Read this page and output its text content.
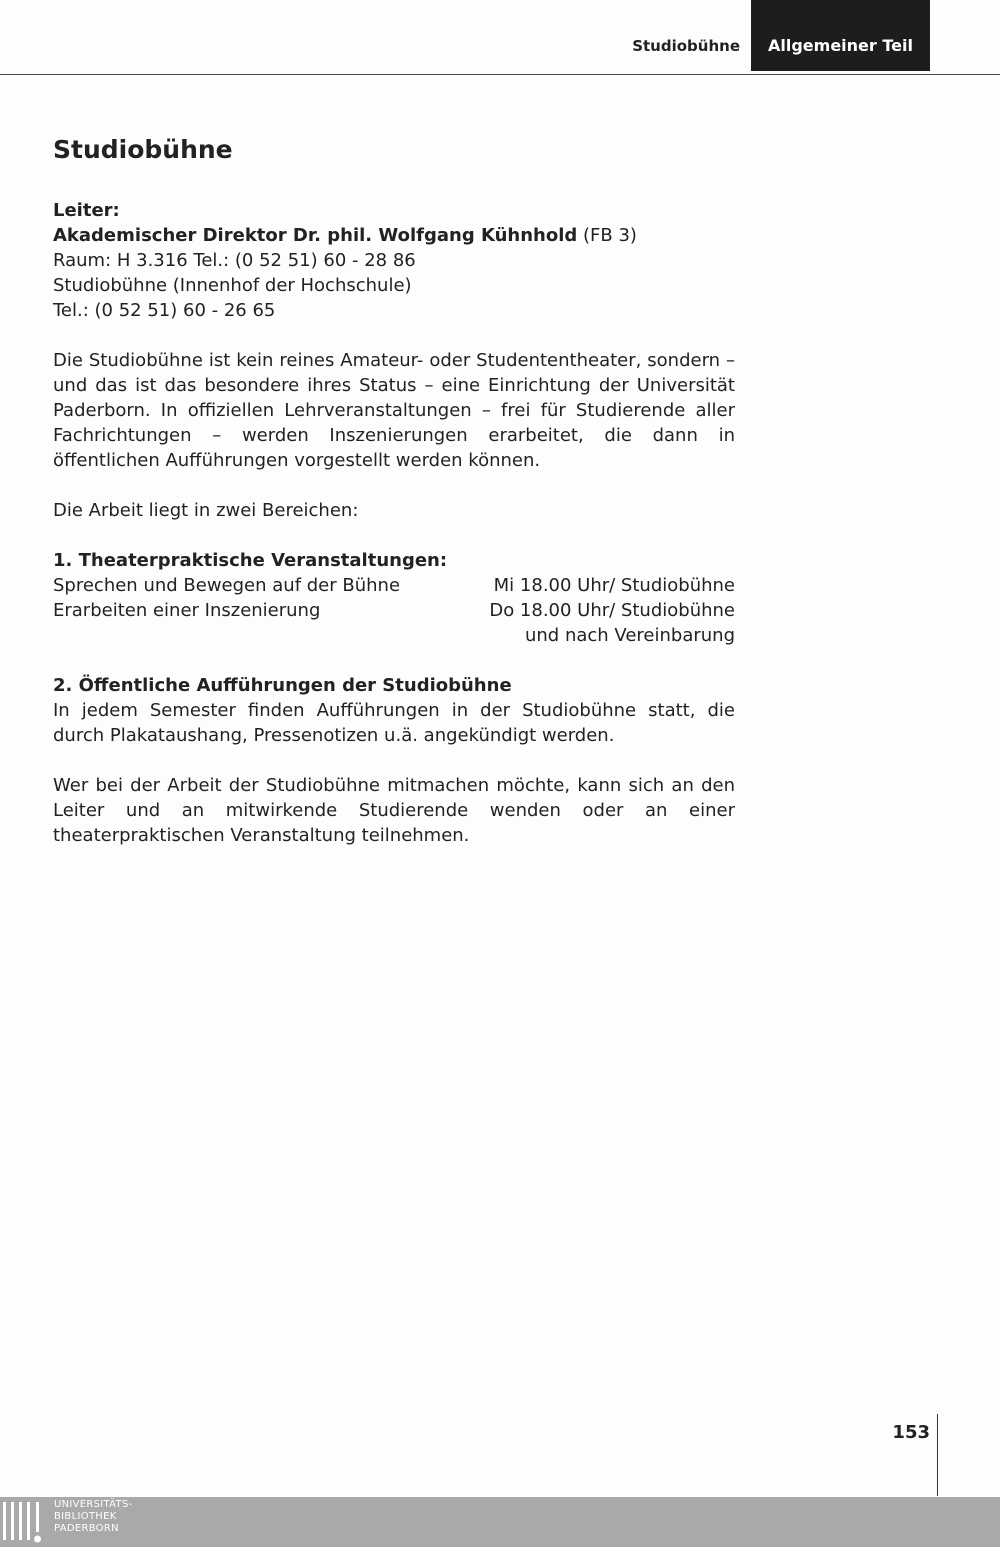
Studiobühne	Allgemeiner Teil
Studiobühne
Leiter:
Akademischer Direktor Dr. phil. Wolfgang Kühnhold (FB 3)
Raum: H 3.316 Tel.: (0 52 51) 60 - 28 86
Studiobühne (Innenhof der Hochschule)
Tel.: (0 52 51) 60 - 26 65
Die Studiobühne ist kein reines Amateur- oder Studententheater, sondern – und das ist das besondere ihres Status – eine Einrichtung der Universität Paderborn. In offiziellen Lehrveranstaltungen – frei für Studierende aller Fachrichtungen – werden Inszenierungen erarbeitet, die dann in öffentlichen Aufführungen vorgestellt werden können.
Die Arbeit liegt in zwei Bereichen:
1. Theaterpraktische Veranstaltungen:
Sprechen und Bewegen auf der Bühne	Mi 18.00 Uhr/ Studiobühne
Erarbeiten einer Inszenierung	Do 18.00 Uhr/ Studiobühne
und nach Vereinbarung
2. Öffentliche Aufführungen der Studiobühne
In jedem Semester finden Aufführungen in der Studiobühne statt, die durch Plakataushang, Pressenotizen u.ä. angekündigt werden.
Wer bei der Arbeit der Studiobühne mitmachen möchte, kann sich an den Leiter und an mitwirkende Studierende wenden oder an einer theaterpraktischen Veranstaltung teilnehmen.
153
UNIVERSITÄTS-
BIBLIOTHEK
PADERBORN
